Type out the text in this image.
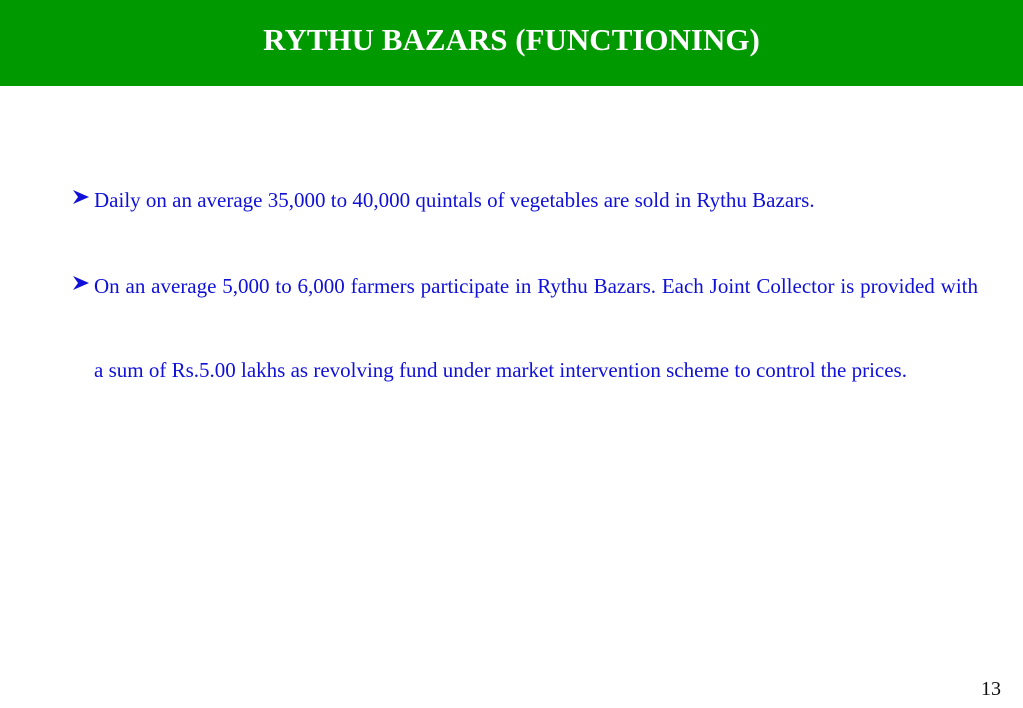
RYTHU BAZARS (FUNCTIONING)
Daily on an average 35,000 to 40,000 quintals of vegetables are sold in Rythu Bazars.
On an average 5,000 to 6,000 farmers participate in Rythu Bazars. Each Joint Collector is provided with a sum of Rs.5.00 lakhs as revolving fund under market intervention scheme to control the prices.
13
